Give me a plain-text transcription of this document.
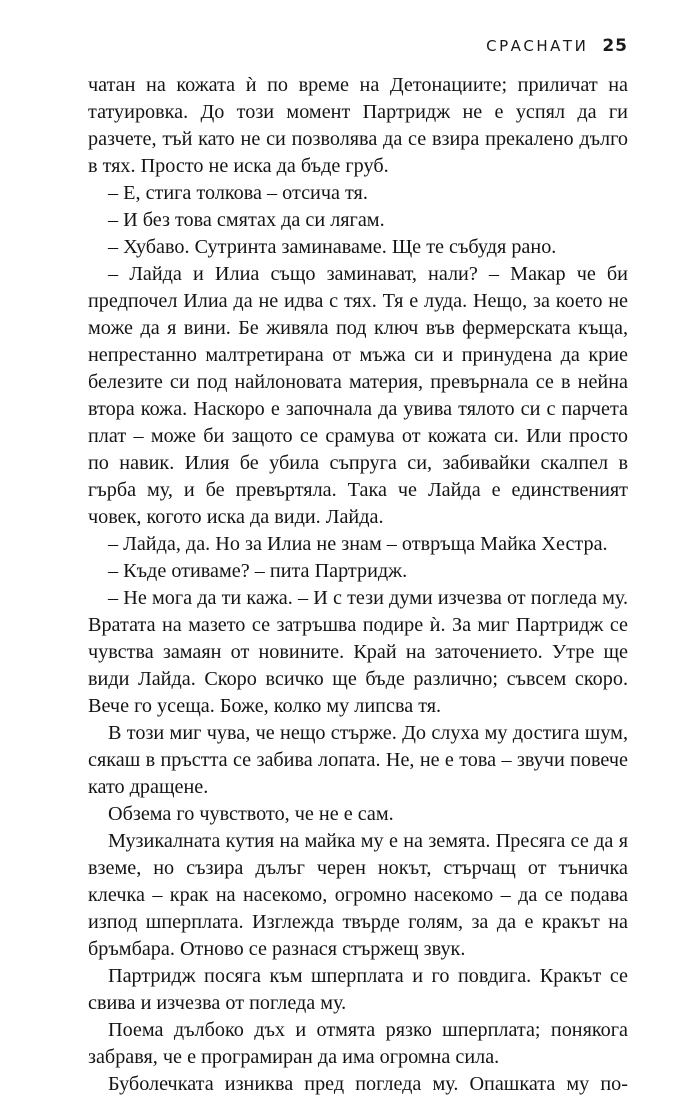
СРАСНАТИ 25

чатан на кожата ѝ по време на Детонациите; приличат на татуировка. До този момент Партридж не е успял да ги разчете, тъй като не си позволява да се взира прекалено дълго в тях. Просто не иска да бъде груб.

– Е, стига толкова – отсича тя.

– И без това смятах да си лягам.

– Хубаво. Сутринта заминаваме. Ще те събудя рано.

– Лайда и Илиа също заминават, нали? – Макар че би предпочел Илиа да не идва с тях. Тя е луда. Нещо, за което не може да я вини. Бе живяла под ключ във фермерската къща, непрестанно малтретирана от мъжа си и принудена да крие белезите си под найлоновата материя, превърнала се в нейна втора кожа. Наскоро е започнала да увива тялото си с парчета плат – може би защото се срамува от кожата си. Или просто по навик. Илия бе убила съпруга си, забивайки скалпел в гърба му, и бе превъртяла. Така че Лайда е единственият човек, когото иска да види. Лайда.

– Лайда, да. Но за Илиа не знам – отвръща Майка Хестра.

– Къде отиваме? – пита Партридж.

– Не мога да ти кажа. – И с тези думи изчезва от погледа му. Вратата на мазето се затръшва подире ѝ. За миг Партридж се чувства замаян от новините. Край на заточението. Утре ще види Лайда. Скоро всичко ще бъде различно; съвсем скоро. Вече го усеща. Боже, колко му липсва тя.

В този миг чува, че нещо стърже. До слуха му достига шум, сякаш в пръстта се забива лопата. Не, не е това – звучи повече като дращене.

Обзема го чувството, че не е сам.

Музикалната кутия на майка му е на земята. Пресяга се да я вземе, но съзира дълъг черен нокът, стърчащ от тъничка клечка – крак на насекомо, огромно насекомо – да се подава изпод шперплата. Изглежда твърде голям, за да е кракът на бръмбара. Отново се разнася стържещ звук.

Партридж посяга към шперплата и го повдига. Кракът се свива и изчезва от погледа му.

Поема дълбоко дъх и отмята рязко шперплата; понякога забравя, че е програмиран да има огромна сила.

Буболечката изниква пред погледа му. Опашката му по-
